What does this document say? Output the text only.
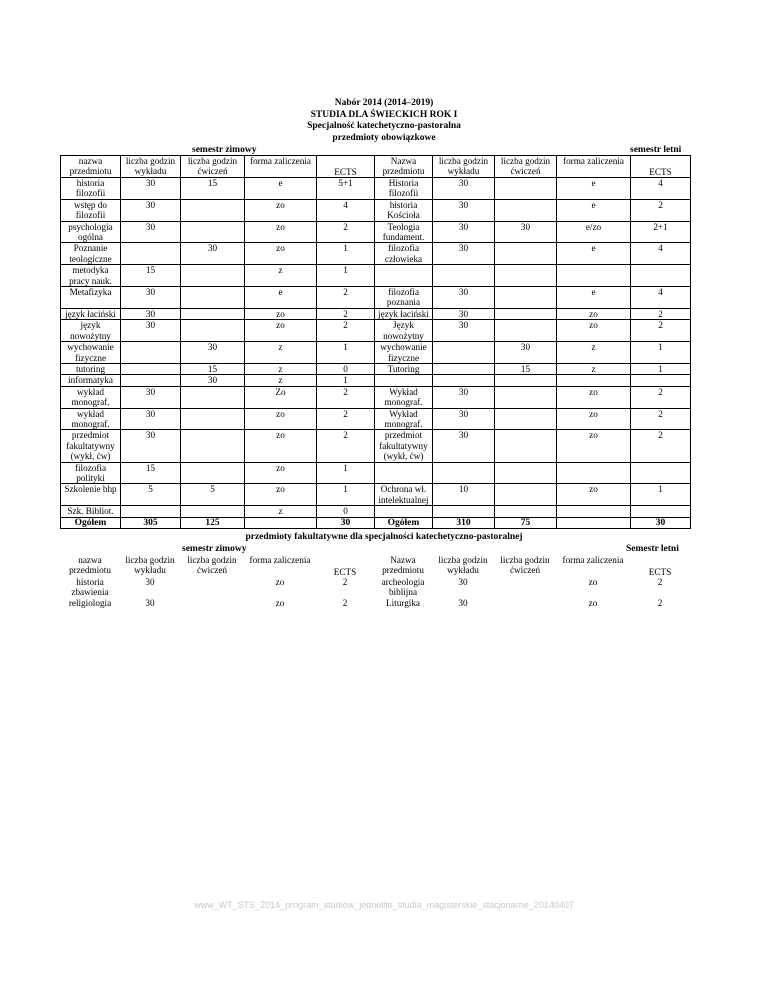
Nabór 2014 (2014–2019)
STUDIA DLA ŚWIECKICH ROK I
Specjalność katechetyczno-pastoralna
przedmioty obowiązkowe
semestr zimowy	semestr letni
nazwa przedmiotu	liczba godzin wykładu	liczba godzin ćwiczeń	forma zaliczenia	ECTS	Nazwa przedmiotu	liczba godzin wykładu	liczba godzin ćwiczeń	forma zaliczenia	ECTS
historia filozofii	30	15	e	5+1	Historia filozofii	30		e	4
wstęp do filozofii	30		zo	4	historia Kościoła	30		e	2
psychologia ogólna	30		zo	2	Teologia fundament.	30	30	e/zo	2+1
Poznanie teologiczne		30	zo	1	filozofia człowieka	30		e	4
metodyka pracy nauk.	15		z	1					
Metafizyka	30		e	2	filozofia poznania	30		e	4
język łaciński	30		zo	2	język łaciński	30		zo	2
język nowożytny	30		zo	2	Język nowożytny	30		zo	2
wychowanie fizyczne		30	z	1	wychowanie fizyczne		30	z	1
tutoring		15	z	0	Tutoring		15	z	1
informatyka		30	z	1					
wykład monograf.	30		Zo	2	Wykład monograf.	30		zo	2
wykład monograf.	30		zo	2	Wykład monograf.	30		zo	2
przedmiot fakultatywny (wykł, ćw)	30		zo	2	przedmiot fakultatywny (wykł, ćw)	30		zo	2
filozofia polityki	15		zo	1					
Szkolenie bhp	5	5	zo	1	Ochrona wł. intelektualnej	10		zo	1
Szk. Bibliot.			z	0					
Ogółem	305	125		30	Ogółem	310	75		30
przedmioty fakultatywne dla specjalności katechetyczno-pastoralnej
semestr zimowy	Semestr letni
nazwa przedmiotu	liczba godzin wykładu	liczba godzin ćwiczeń	forma zaliczenia	ECTS	Nazwa przedmiotu	liczba godzin wykładu	liczba godzin ćwiczeń	forma zaliczenia	ECTS
historia zbawienia	30		zo	2	archeologia biblijna	30		zo	2
religiologia	30		zo	2	Liturgika	30		zo	2
www_WT_STS_2014_program_studiow_jednolite_studia_magisterskie_stacjonarne_20140407
